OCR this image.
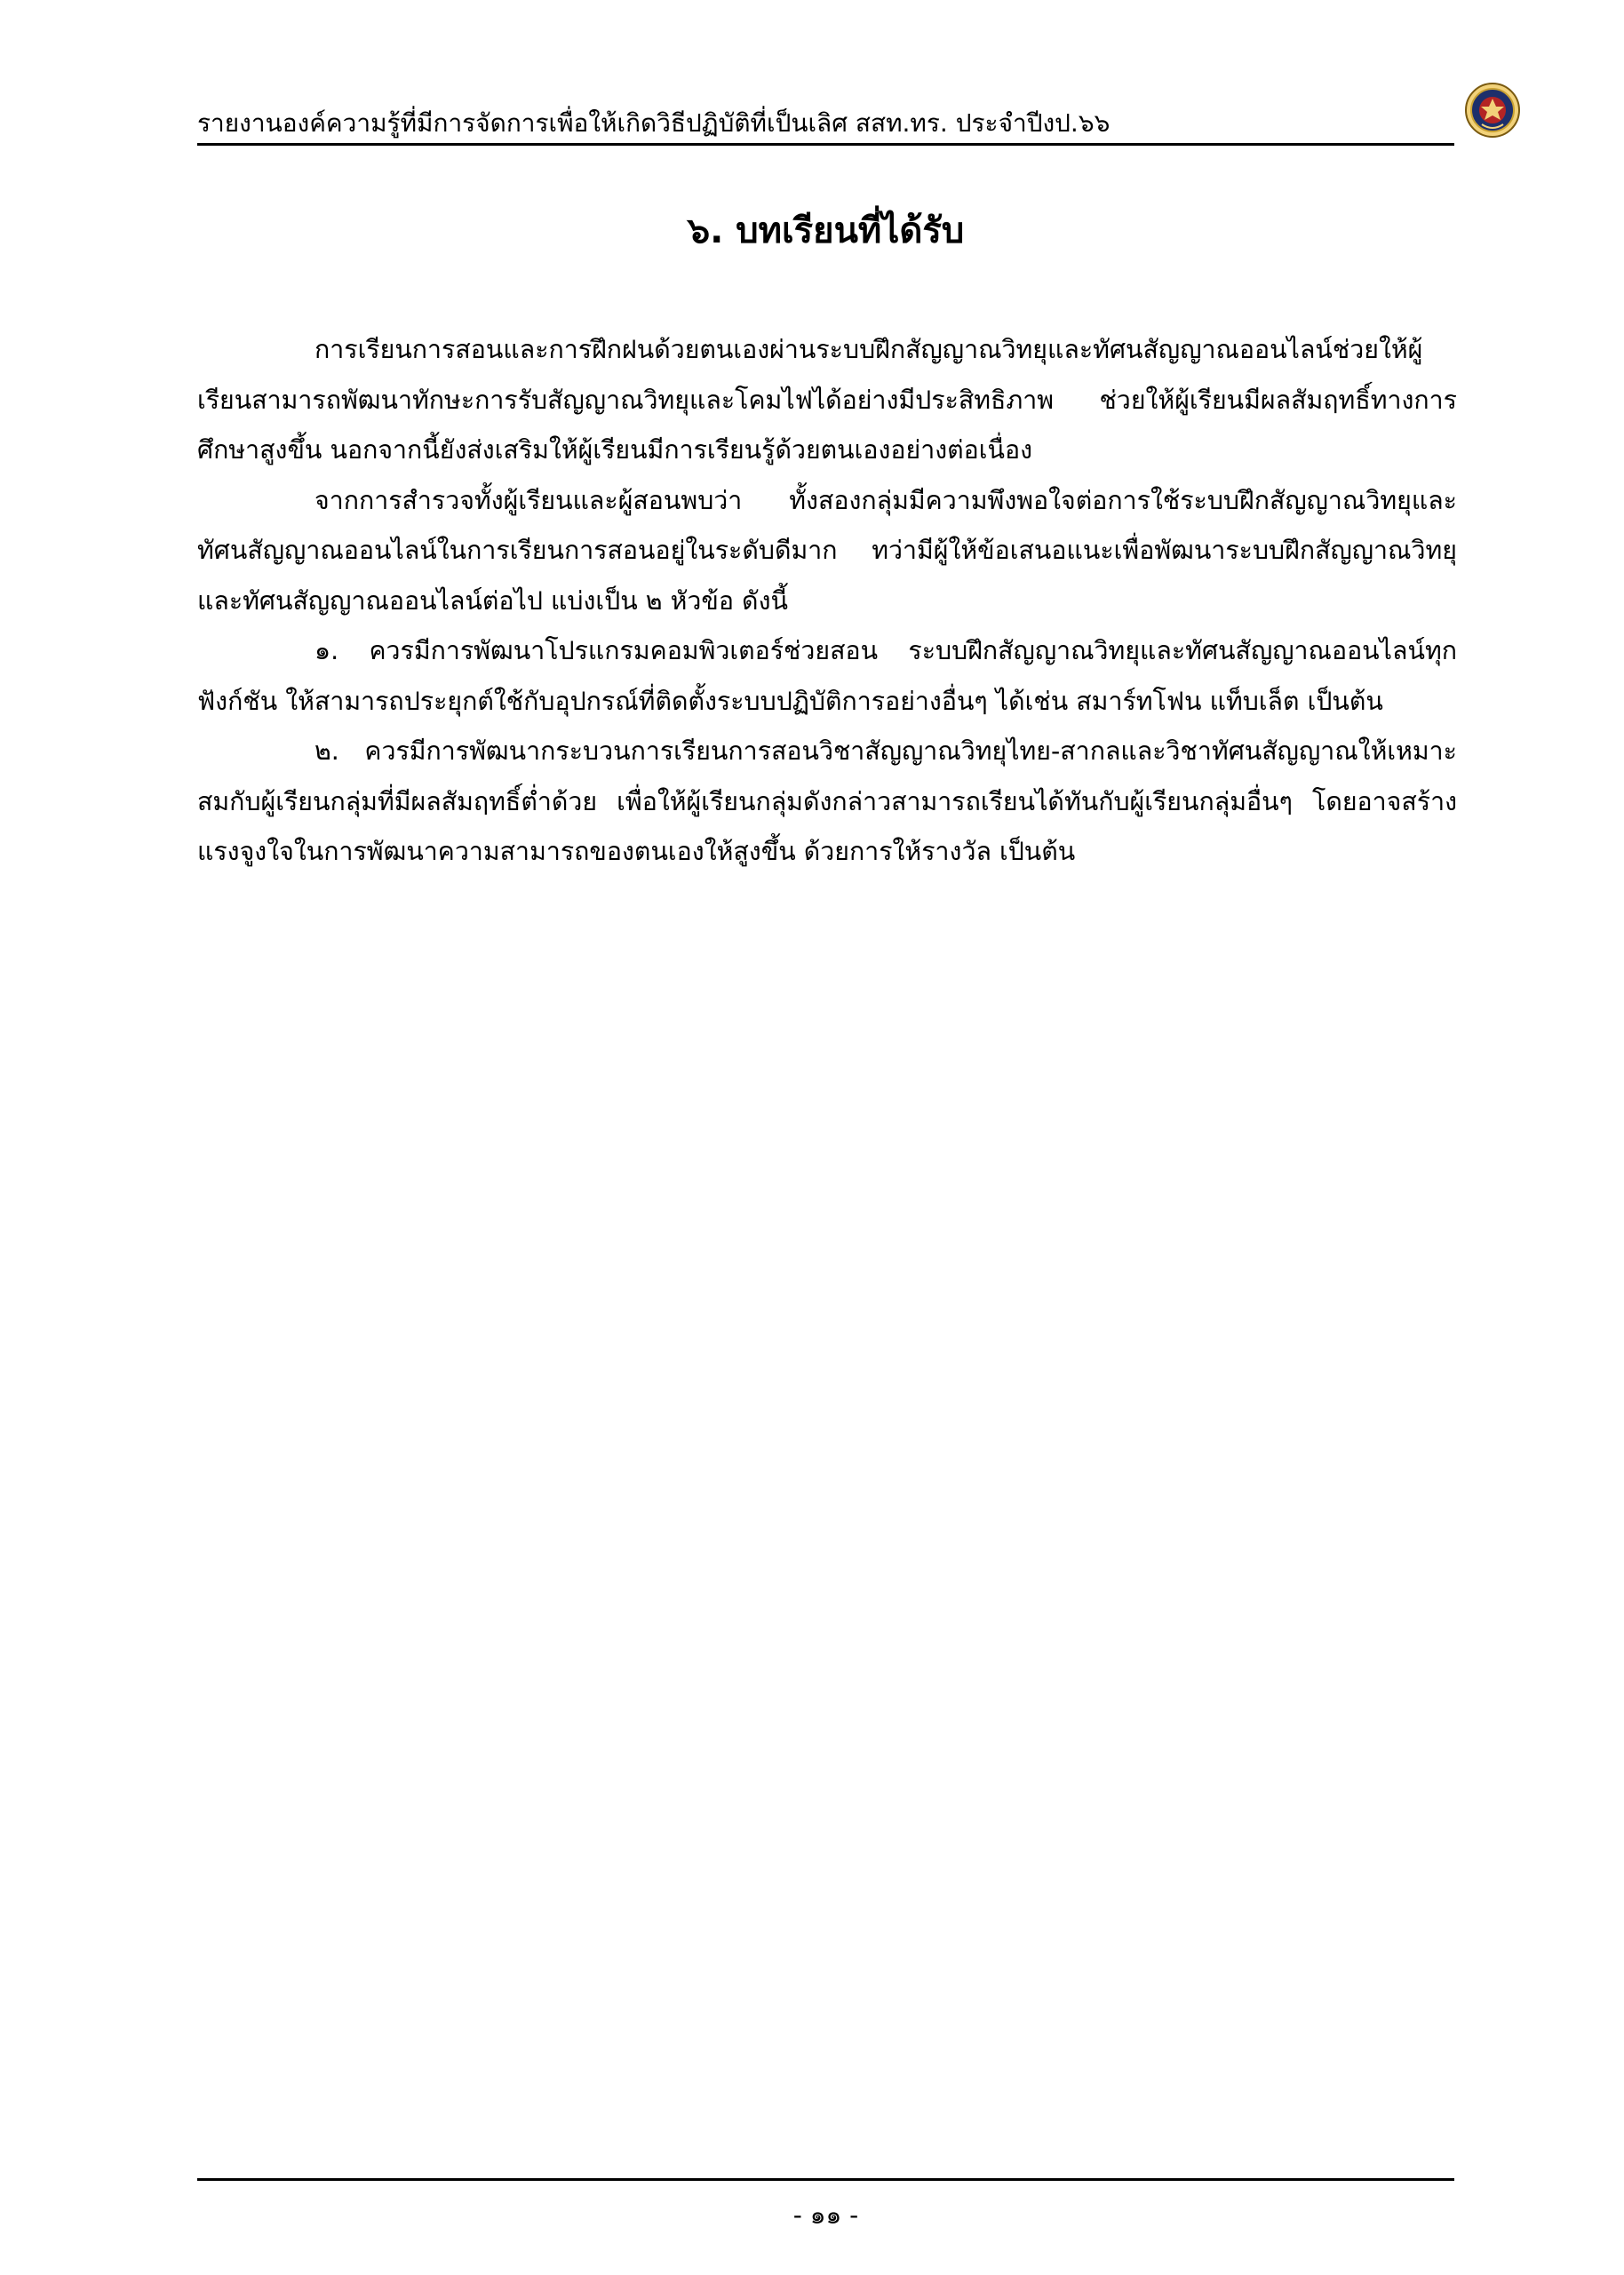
รายงานองค์ความรู้ที่มีการจัดการเพื่อให้เกิดวิธีปฏิบัติที่เป็นเลิศ สสท.ทร. ประจำปีงป.๖๖
๖. บทเรียนที่ได้รับ

การเรียนการสอนและการฝึกฝนด้วยตนเองผ่านระบบฝึกสัญญาณวิทยุและทัศนสัญญาณออนไลน์ช่วยให้ผู้เรียนสามารถพัฒนาทักษะการรับสัญญาณวิทยุและโคมไฟได้อย่างมีประสิทธิภาพ ช่วยให้ผู้เรียนมีผลสัมฤทธิ์ทางการศึกษาสูงขึ้น นอกจากนี้ยังส่งเสริมให้ผู้เรียนมีการเรียนรู้ด้วยตนเองอย่างต่อเนื่อง

จากการสำรวจทั้งผู้เรียนและผู้สอนพบว่า ทั้งสองกลุ่มมีความพึงพอใจต่อการใช้ระบบฝึกสัญญาณวิทยุและทัศนสัญญาณออนไลน์ในการเรียนการสอนอยู่ในระดับดีมาก ทว่ามีผู้ให้ข้อเสนอแนะเพื่อพัฒนาระบบฝึกสัญญาณวิทยุและทัศนสัญญาณออนไลน์ต่อไป แบ่งเป็น ๒ หัวข้อ ดังนี้

๑. ควรมีการพัฒนาโปรแกรมคอมพิวเตอร์ช่วยสอน ระบบฝึกสัญญาณวิทยุและทัศนสัญญาณออนไลน์ทุกฟังก์ชัน ให้สามารถประยุกต์ใช้กับอุปกรณ์ที่ติดตั้งระบบปฏิบัติการอย่างอื่นๆ ได้เช่น สมาร์ทโฟน แท็บเล็ต เป็นต้น

๒. ควรมีการพัฒนากระบวนการเรียนการสอนวิชาสัญญาณวิทยุไทย-สากลและวิชาทัศนสัญญาณให้เหมาะสมกับผู้เรียนกลุ่มที่มีผลสัมฤทธิ์ต่ำด้วย เพื่อให้ผู้เรียนกลุ่มดังกล่าวสามารถเรียนได้ทันกับผู้เรียนกลุ่มอื่นๆ โดยอาจสร้างแรงจูงใจในการพัฒนาความสามารถของตนเองให้สูงขึ้น ด้วยการให้รางวัล เป็นต้น

- ๑๑ -
